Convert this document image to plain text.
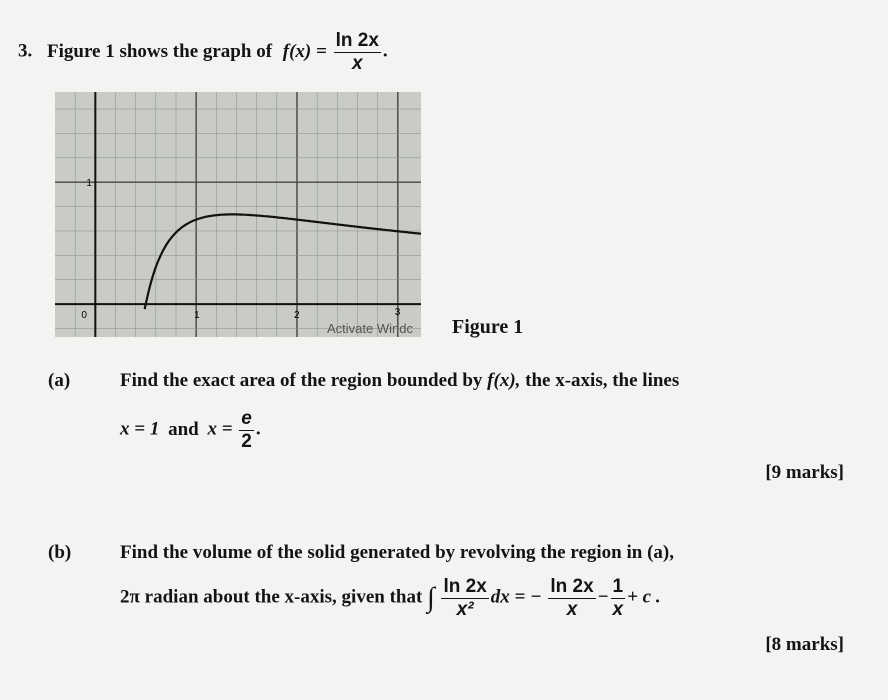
3. Figure 1 shows the graph of $f(x) = \frac{\ln 2x}{x}$ .
0	1	2	3
1
Activate Windc Figure 1
(a)	Find the exact area of the region bounded by f(x), the x-axis, the lines
x = 1 and $x = \frac{e}{2}$ .
[9 marks]
(b)	Find the volume of the solid generated by revolving the region in (a),
2π radian about the x-axis, given that ∫ $\frac{\ln 2x}{\text{x²}}$ dx = − $\frac{\ln 2x}{x} - \frac{1}{x} + c$ .
[8 marks]
